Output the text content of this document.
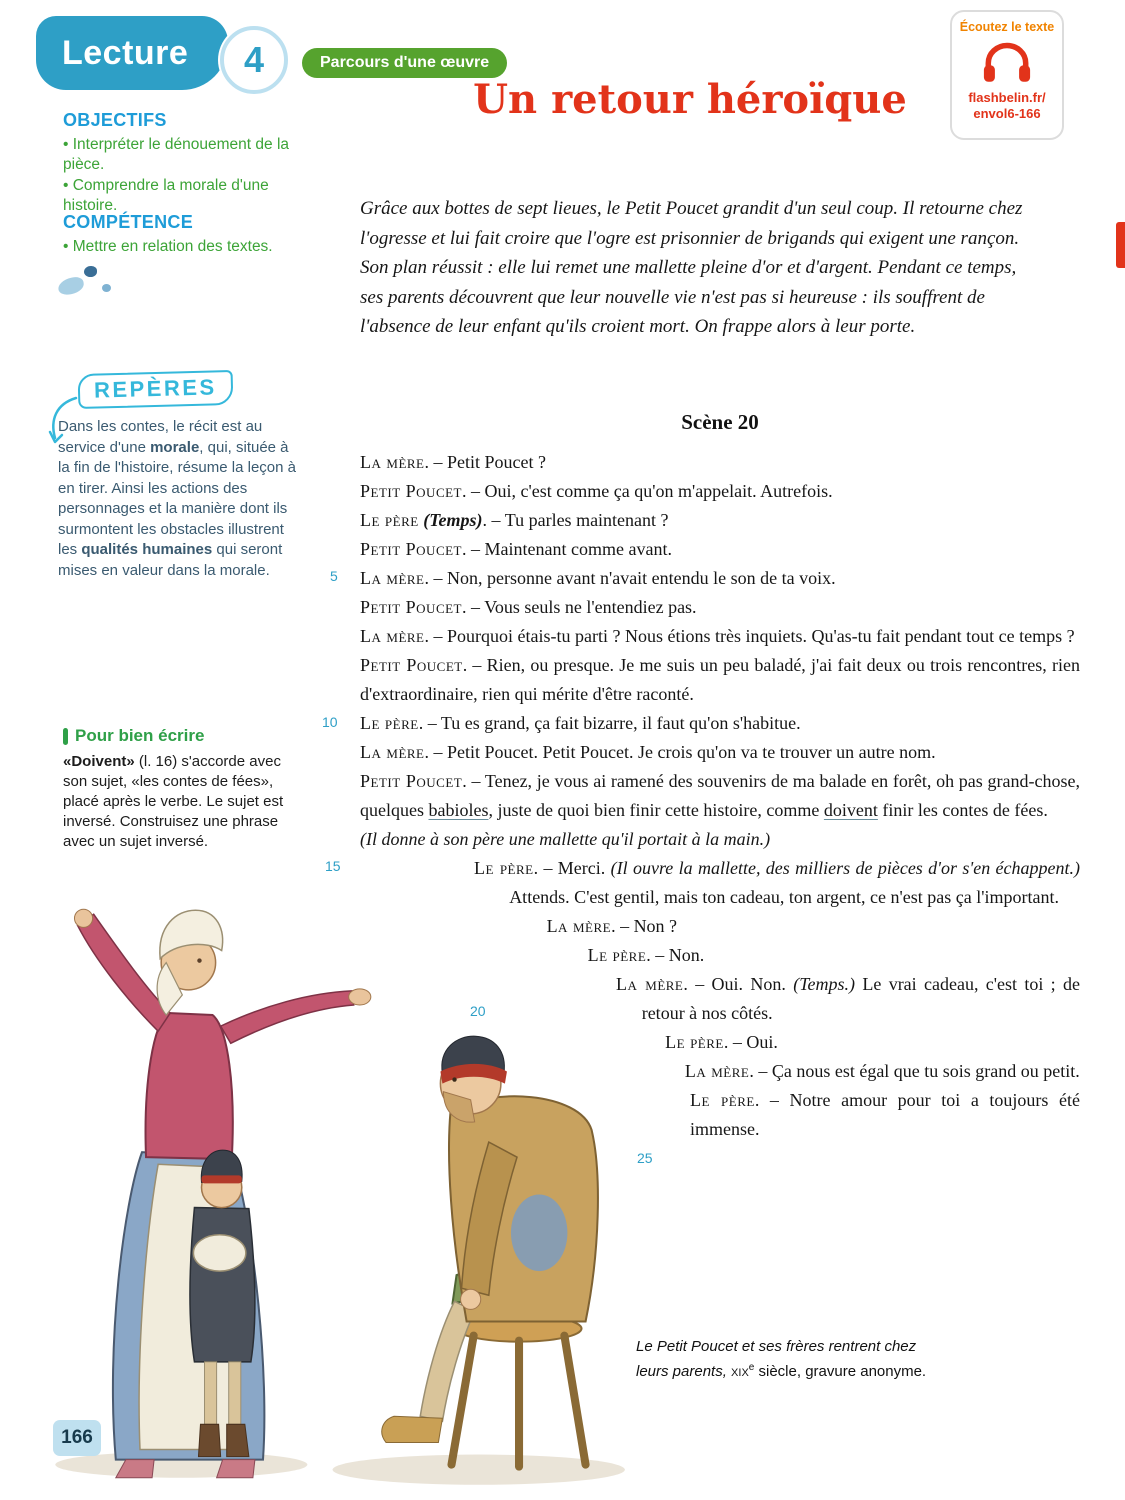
Lecture 4	Parcours d'une œuvre
Écoutez le texte
flashbelin.fr/
envol6-166
Un retour héroïque
OBJECTIFS
• Interpréter le dénouement de la pièce.
• Comprendre la morale d'une histoire.
COMPÉTENCE
• Mettre en relation des textes.
REPÈRES
Dans les contes, le récit est au service d'une morale, qui, située à la fin de l'histoire, résume la leçon à en tirer. Ainsi les actions des personnages et la manière dont ils surmontent les obstacles illustrent les qualités humaines qui seront mises en valeur dans la morale.
Pour bien écrire
«Doivent» (l. 16) s'accorde avec son sujet, «les contes de fées», placé après le verbe. Le sujet est inversé. Construisez une phrase avec un sujet inversé.

Grâce aux bottes de sept lieues, le Petit Poucet grandit d'un seul coup. Il retourne chez l'ogresse et lui fait croire que l'ogre est prisonnier de brigands qui exigent une rançon. Son plan réussit : elle lui remet une mallette pleine d'or et d'argent. Pendant ce temps, ses parents découvrent que leur nouvelle vie n'est pas si heureuse : ils souffrent de l'absence de leur enfant qu'ils croient mort. On frappe alors à leur porte.

Scène 20

La mère. – Petit Poucet ?

Petit Poucet. – Oui, c'est comme ça qu'on m'appelait. Autrefois.

Le père (Temps). – Tu parles maintenant ?

Petit Poucet. – Maintenant comme avant.

La mère. – Non, personne avant n'avait entendu le son de ta voix.

Petit Poucet. – Vous seuls ne l'entendiez pas.

La mère. – Pourquoi étais-tu parti ? Nous étions très inquiets. Qu'as-tu fait pendant tout ce temps ?

Petit Poucet. – Rien, ou presque. Je me suis un peu baladé, j'ai fait deux ou trois rencontres, rien d'extraordinaire, rien qui mérite d'être raconté.

Le père. – Tu es grand, ça fait bizarre, il faut qu'on s'habitue.

La mère. – Petit Poucet. Petit Poucet. Je crois qu'on va te trouver un autre nom.

Petit Poucet. – Tenez, je vous ai ramené des souvenirs de ma balade en forêt, oh pas grand-chose, quelques babioles, juste de quoi bien finir cette histoire, comme doivent finir les contes de fées.

(Il donne à son père une mallette qu'il portait à la main.)

Le père. – Merci. (Il ouvre la mallette, des milliers de pièces d'or s'en échappent.) Attends. C'est gentil, mais ton cadeau, ton argent, ce n'est pas ça l'important.

La mère. – Non ?

Le père. – Non.

La mère. – Oui. Non. (Temps.) Le vrai cadeau, c'est toi ; de retour à nos côtés.

Le père. – Oui.

La mère. – Ça nous est égal que tu sois grand ou petit.

Le père. – Notre amour pour toi a toujours été immense.

5
10
15
20
25
Le Petit Poucet et ses frères rentrent chez leurs parents, xix$^e$ siècle, gravure anonyme.
166
